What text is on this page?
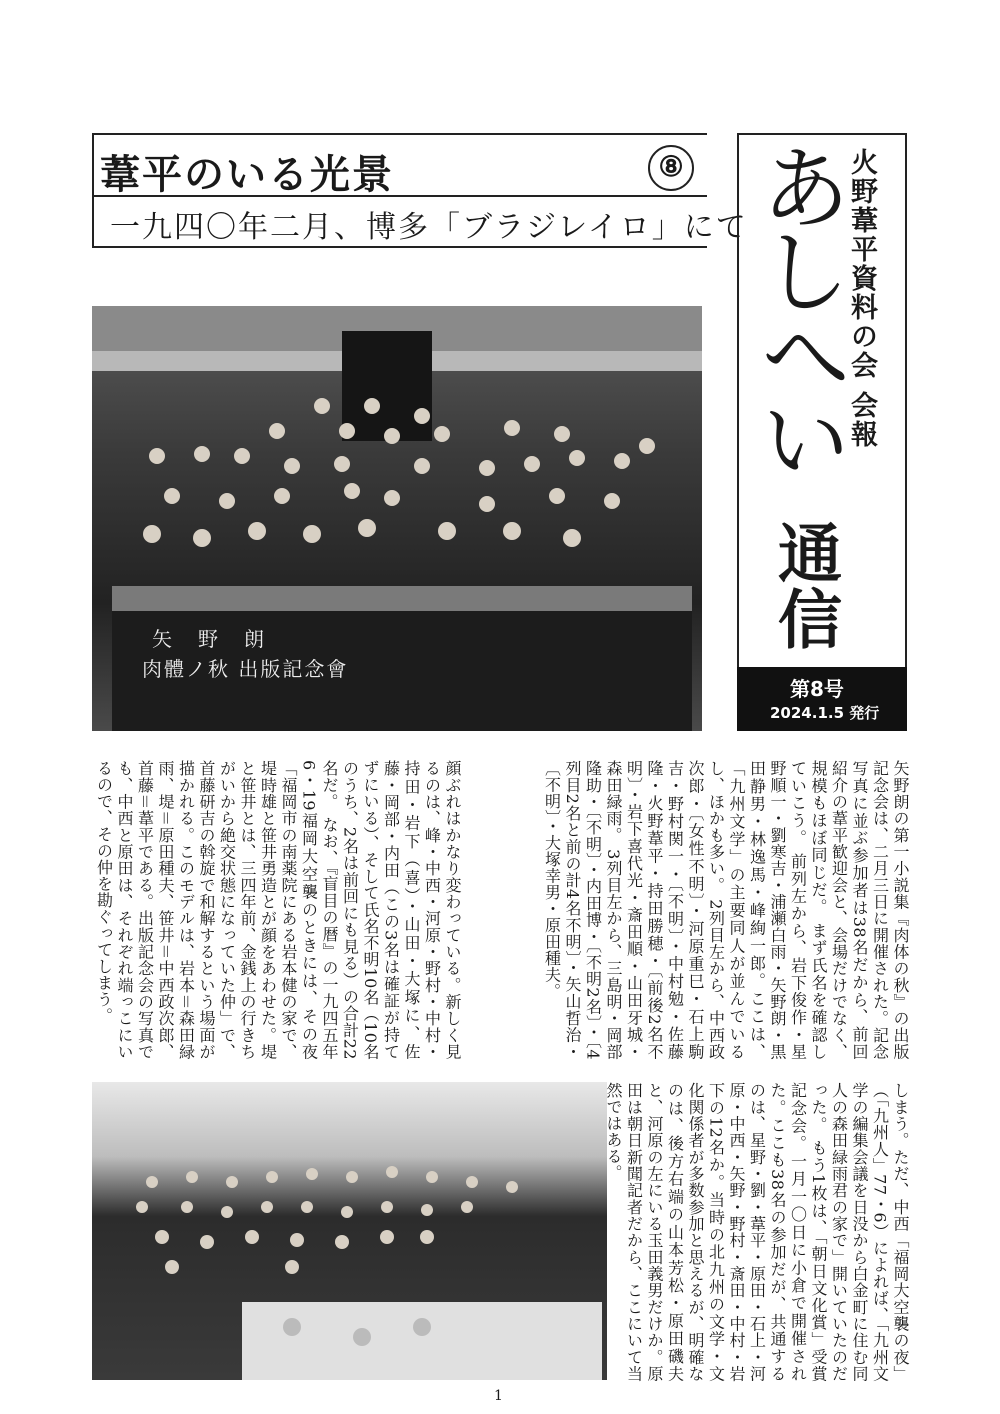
葦平のいる光景	⑧
一九四〇年二月、博多「ブラジレイロ」にて
あしへい
火野葦平資料の会 会報
通信
第8号
2024.1.5 発行
矢野朗
肉體ノ秋 出版記念會
矢野朗の第一小説集『肉体の秋』の出版記念会は、二月三日に開催された。記念写真に並ぶ参加者は38名だから、前回紹介の葦平歓迎会と、会場だけでなく、規模もほぼ同じだ。 まず氏名を確認していこう。 前列左から、岩下俊作・星野順一・劉寒吉・浦瀬白雨・矢野朗・黒田静男・林逸馬・峰絢一郎。ここは、「九州文学」の主要同人が並んでいるし、ほかも多い。 2列目左から、中西政次郎・〔女性不明〕・河原重巳・石上駒吉・野村関一・〔不明〕・中村勉・佐藤隆・火野葦平・持田勝穂・〔前後2名不明〕・岩下喜代光・斎田順・山田牙城・森田緑雨。 3列目左から、三島明・岡部隆助・〔不明〕・内田博・〔不明2名〕・〔4列目2名と前の計4名不明〕・矢山哲治・〔不明〕・大塚幸男・原田種夫。
顔ぶれはかなり変わっている。新しく見るのは、峰・中西・河原・野村・中村・持田・岩下（喜）・山田・大塚に、佐藤・岡部・内田（この3名は確証が持てずにいる）、そして氏名不明10名（10名のうち、2名は前回にも見る）の合計22名だ。 なお、『盲目の暦』の一九四五年6・19福岡大空襲のときには、その夜「福岡市の南薬院にある岩本健の家で、堤時雄と笹井勇造とが顔をあわせた。堤と笹井とは、三四年前、金銭上の行きちがいから絶交状態になっていた仲」で、首藤研吉の斡旋で和解するという場面が描かれる。このモデルは、岩本＝森田緑雨、堤＝原田種夫、笹井＝中西政次郎、首藤＝葦平である。出版記念会の写真でも、中西と原田は、それぞれ端っこにいるので、その仲を勘ぐってしまう。
しまう。ただ、中西「福岡大空襲の夜」（「九州人」77・6）によれば、「九州文学の編集会議を日没から白金町に住む同人の森田緑雨君の家で」開いていたのだった。 もう1枚は、「朝日文化賞」受賞記念会。一月一〇日に小倉で開催された。ここも38名の参加だが、共通するのは、星野・劉・葦平・原田・石上・河原・中西・矢野・野村・斎田・中村・岩下の12名か。当時の北九州の文学・文化関係者が多数参加と思えるが、明確なのは、後方右端の山本芳松・原田磯夫と、河原の左にいる玉田義男だけか。原田は朝日新聞記者だから、ここにいて当然ではある。
1
